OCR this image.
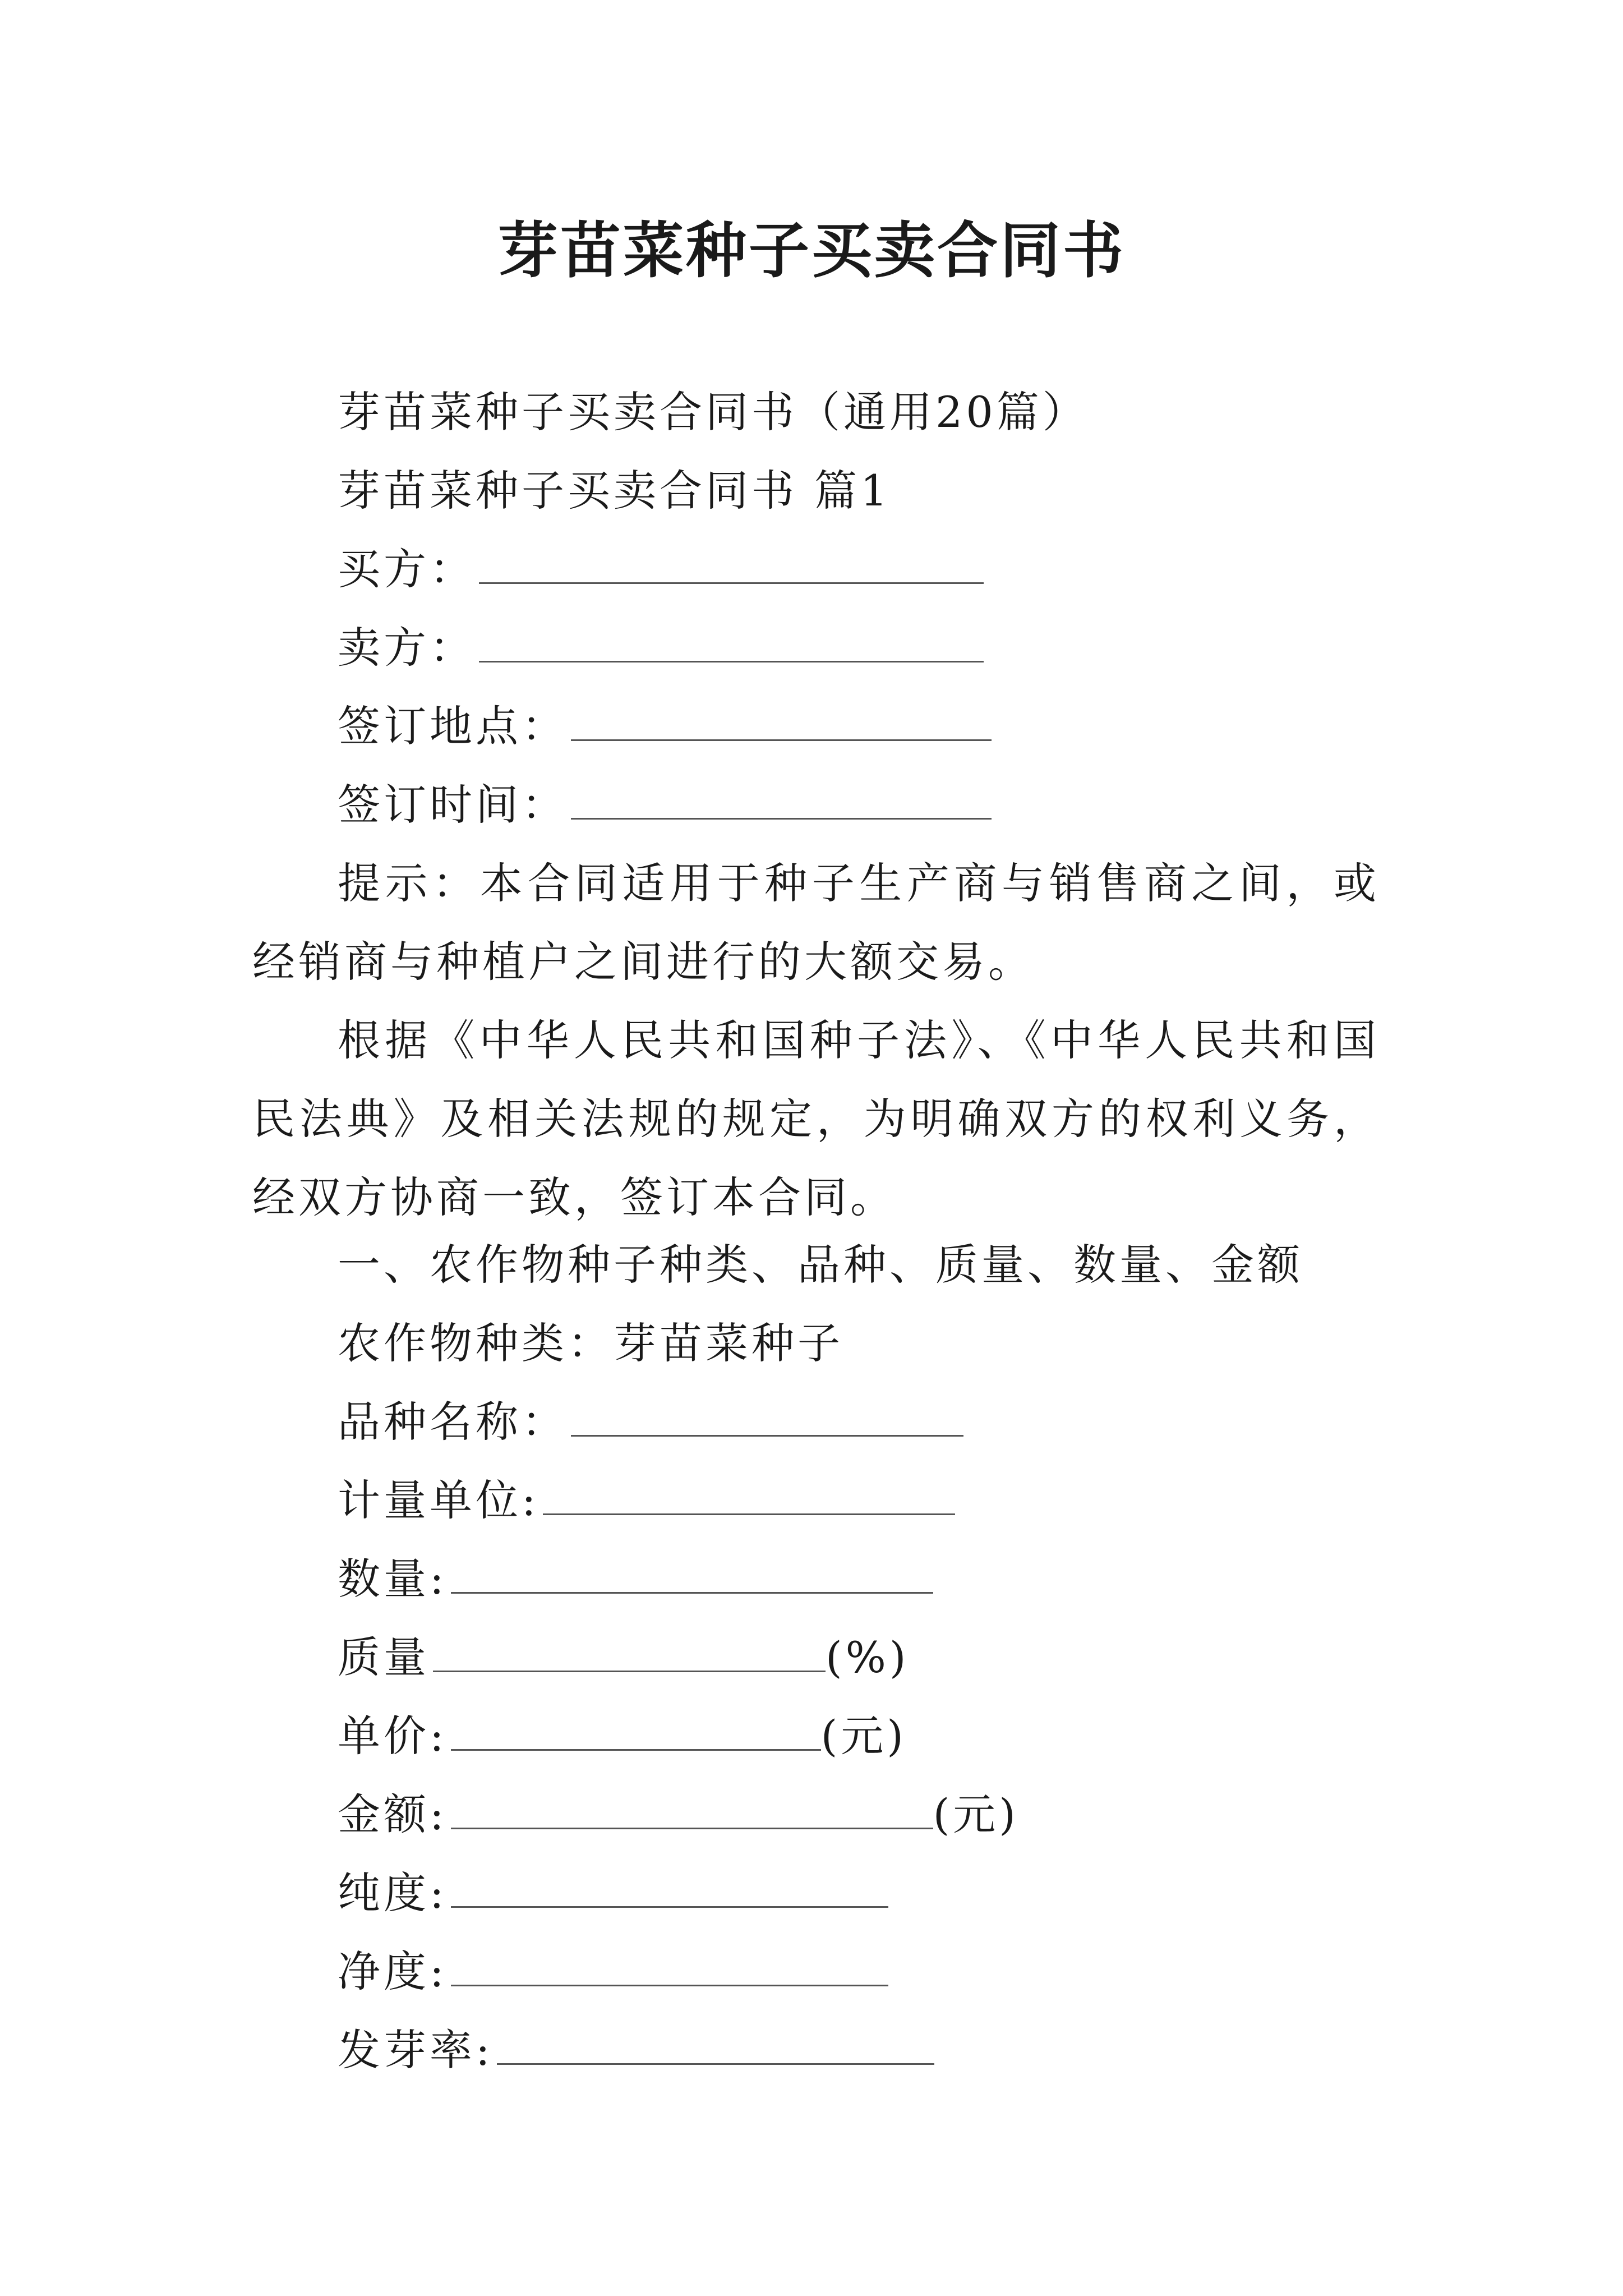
芽苗菜种子买卖合同书
芽苗菜种子买卖合同书（通用20篇）
芽苗菜种子买卖合同书 篇1
买方：
卖方：
签订地点：
签订时间：
提示：本合同适用于种子生产商与销售商之间，或经销商与种植户之间进行的大额交易。
根据《中华人民共和国种子法》、《中华人民共和国民法典》及相关法规的规定，为明确双方的权利义务，经双方协商一致，签订本合同。
一、农作物种子种类、品种、质量、数量、金额
农作物种类：芽苗菜种子
品种名称：
计量单位:
数量:
质量	(%)
单价:	(元)
金额:	(元)
纯度:
净度:
发芽率:
